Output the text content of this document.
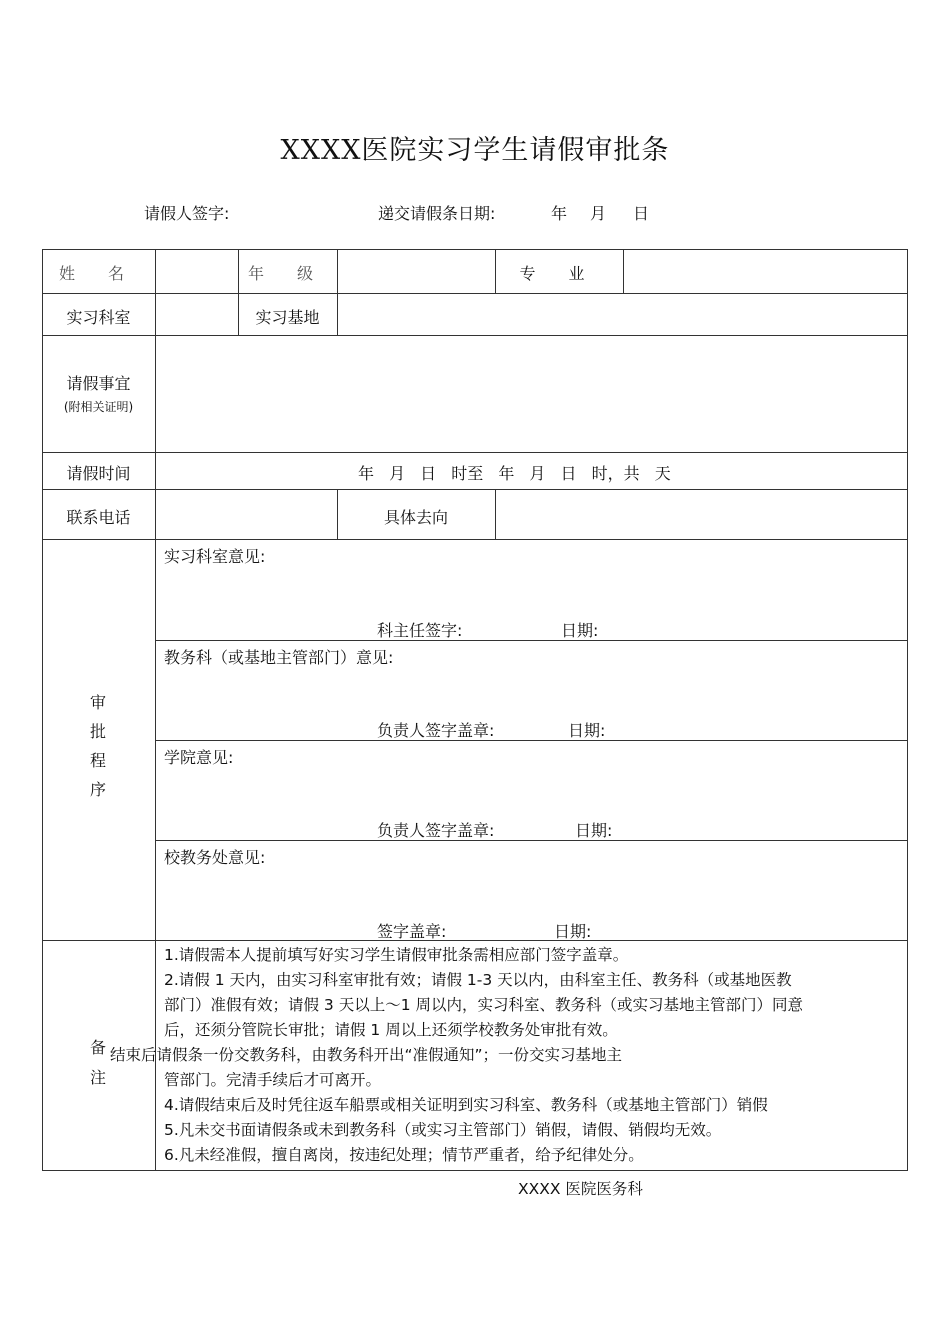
XXXX医院实习学生请假审批条
请假人签字:	递交请假条日期:	年 月 日
姓 名	年 级	专 业
实习科室	实习基地
请假事宜
(附相关证明)
请假时间	年 月 日 时至 年 月 日 时，共 天
联系电话	具体去向
审
批
程
序
实习科室意见:
科主任签字:	日期:
教务科（或基地主管部门）意见:
负责人签字盖章:	日期:
学院意见:
负责人签字盖章:	日期:
校教务处意见:
签字盖章:	日期:
备
注
1.请假需本人提前填写好实习学生请假审批条需相应部门签字盖章。
2.请假 1 天内，由实习科室审批有效；请假 1-3 天以内，由科室主任、教务科（或基地医教
部门）准假有效；请假 3 天以上～1 周以内，实习科室、教务科（或实习基地主管部门）同意
后，还须分管院长审批；请假 1 周以上还须学校教务处审批有效。
结束后请假条一份交教务科，由教务科开出“准假通知”；一份交实习基地主
管部门。完清手续后才可离开。
4.请假结束后及时凭往返车船票或相关证明到实习科室、教务科（或基地主管部门）销假
5.凡未交书面请假条或未到教务科（或实习主管部门）销假，请假、销假均无效。
6.凡未经准假，擅自离岗，按违纪处理；情节严重者，给予纪律处分。
XXXX 医院医务科
